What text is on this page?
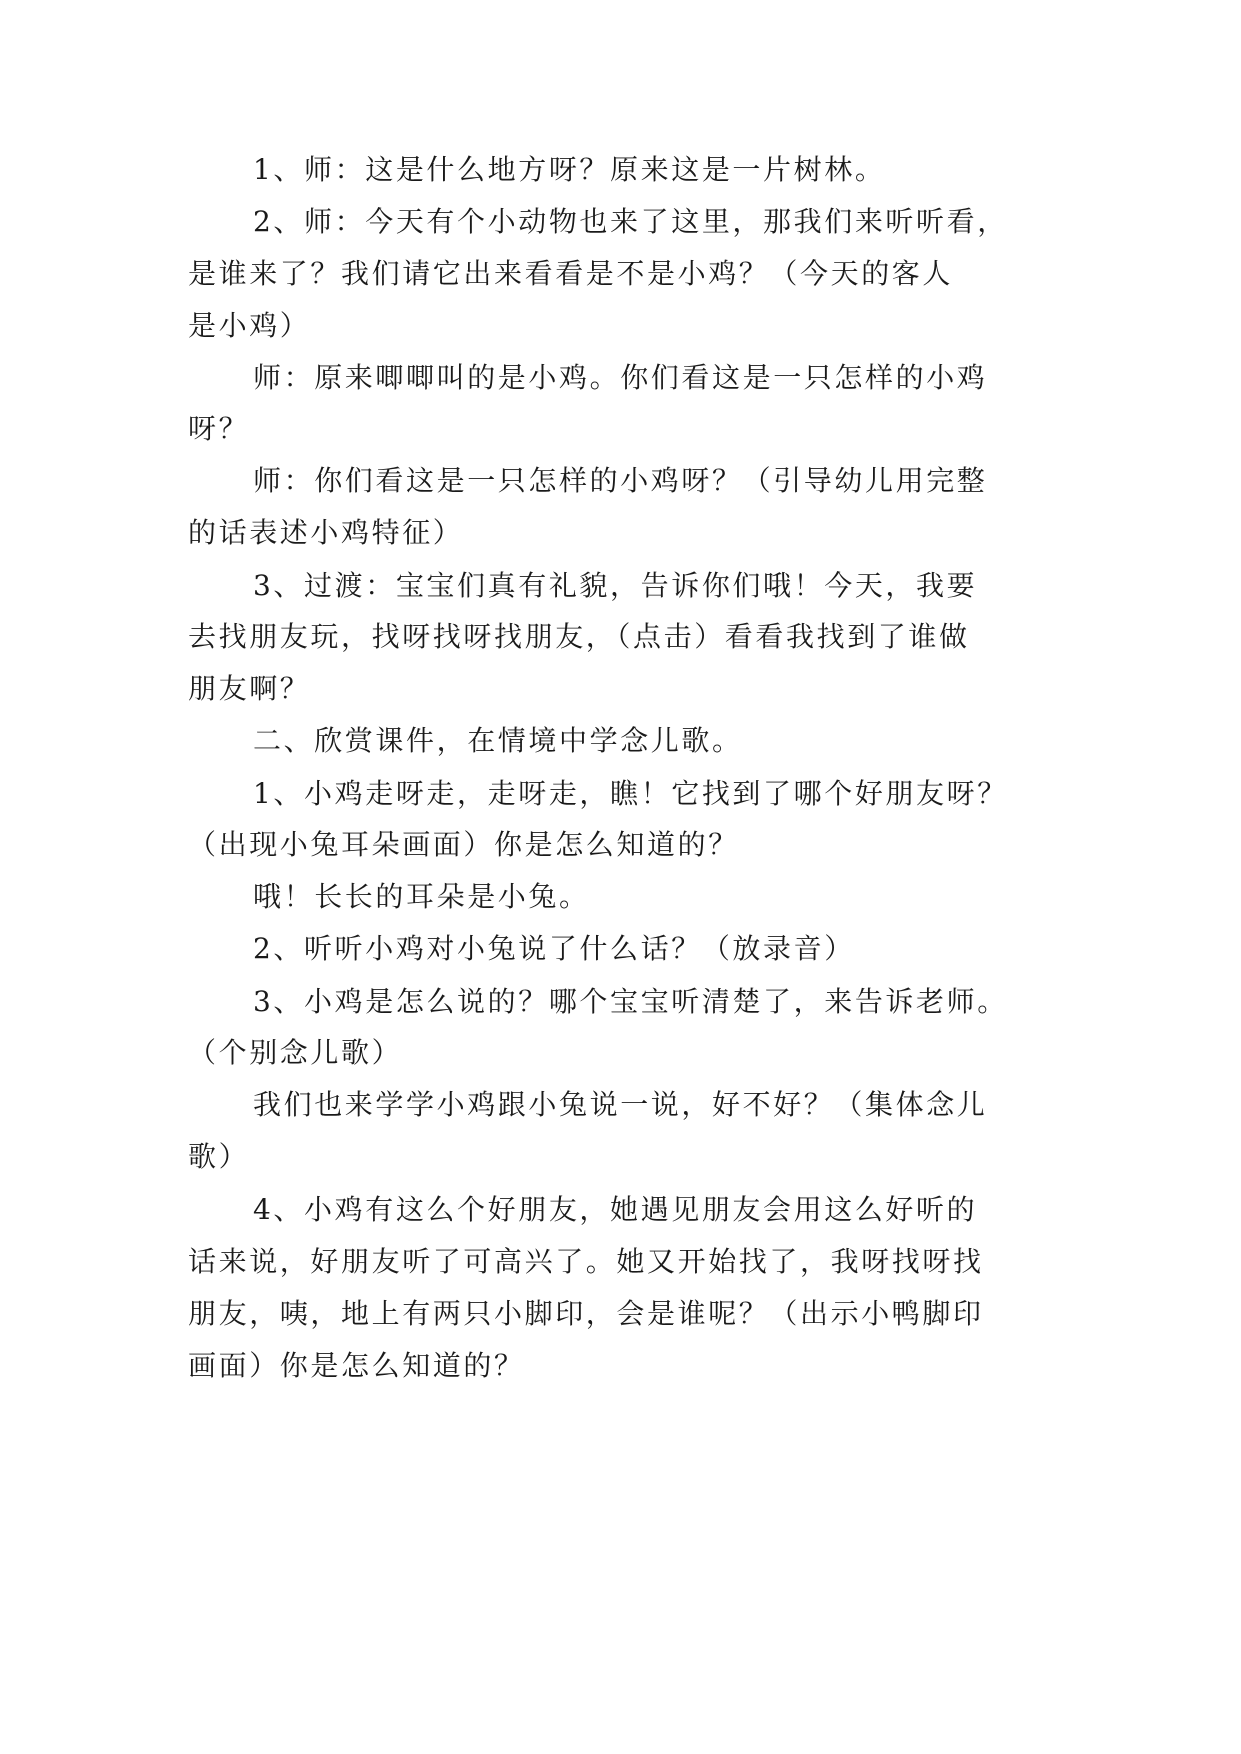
1、师：这是什么地方呀？原来这是一片树林。
2、师：今天有个小动物也来了这里，那我们来听听看，
是谁来了？我们请它出来看看是不是小鸡？（今天的客人
是小鸡）
师：原来唧唧叫的是小鸡。你们看这是一只怎样的小鸡
呀？
师：你们看这是一只怎样的小鸡呀？（引导幼儿用完整
的话表述小鸡特征）
3、过渡：宝宝们真有礼貌，告诉你们哦！今天，我要
去找朋友玩，找呀找呀找朋友，（点击）看看我找到了谁做
朋友啊？
二、欣赏课件，在情境中学念儿歌。
1、小鸡走呀走，走呀走，瞧！它找到了哪个好朋友呀？
（出现小兔耳朵画面）你是怎么知道的？
哦！长长的耳朵是小兔。
2、听听小鸡对小兔说了什么话？（放录音）
3、小鸡是怎么说的？哪个宝宝听清楚了，来告诉老师。
（个别念儿歌）
我们也来学学小鸡跟小兔说一说，好不好？（集体念儿
歌）
4、小鸡有这么个好朋友，她遇见朋友会用这么好听的
话来说，好朋友听了可高兴了。她又开始找了，我呀找呀找
朋友，咦，地上有两只小脚印，会是谁呢？（出示小鸭脚印
画面）你是怎么知道的？
